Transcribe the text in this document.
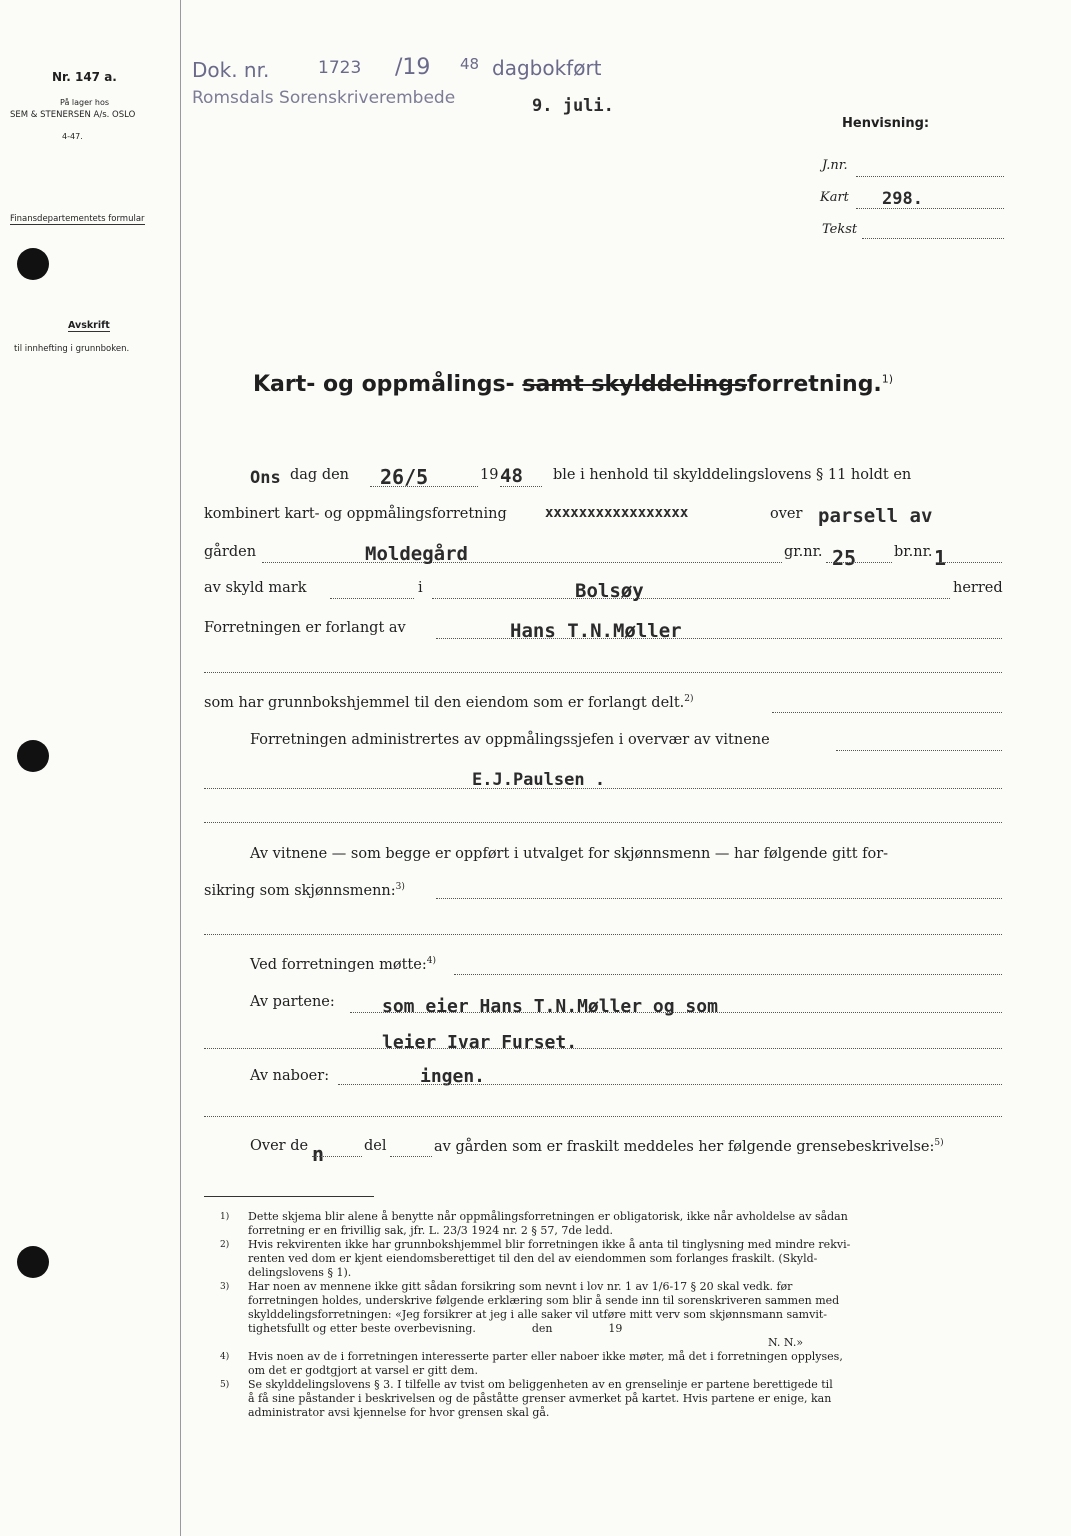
Nr. 147 a.
På lager hos
SEM & STENERSEN A/s. OSLO
4-47.
Finansdepartementets formular
Avskrift
til innhefting i grunnboken.
Dok. nr.	1723 /19 48 dagbokført
Romsdals Sorenskriverembede	9. juli.
Henvisning:
J.nr.
Kart 298.
Tekst
Kart- og oppmålings- samt skylddelingsforretning.$^{1)}$
Ons dag den 26/5	19 48 ble i henhold til skylddelingslovens § 11 holdt en
kombinert kart- og oppmålingsforretning	xxxxxxxxxxxxxxxxx	over parsell av
gården	Moldegård	gr.nr. 25	br.nr. 1
av skyld mark	i	Bolsøy	herred
Forretningen er forlangt av	Hans T.N.Møller
som har grunnbokshjemmel til den eiendom som er forlangt delt.$^{2)}$
Forretningen administrertes av oppmålingssjefen i overvær av vitnene
E.J.Paulsen .
Av vitnene — som begge er oppført i utvalget for skjønnsmenn — har følgende gitt for-
sikring som skjønnsmenn:$^{3)}$
Ved forretningen møtte:$^{4)}$
Av partene:	som eier Hans T.N.Møller og som
leier Ivar Furset.
Av naboer:	ingen.
Over de n	del	av gården som er fraskilt meddeles her følgende grensebeskrivelse:$^{5)}$
1) Dette skjema blir alene å benytte når oppmålingsforretningen er obligatorisk, ikke når avholdelse av sådan
forretning er en frivillig sak, jfr. L. 23/3 1924 nr. 2 § 57, 7de ledd.
2) Hvis rekvirenten ikke har grunnbokshjemmel blir forretningen ikke å anta til tinglysning med mindre rekvi-
renten ved dom er kjent eiendomsberettiget til den del av eiendommen som forlanges fraskilt. (Skyld-
delingslovens § 1).
3) Har noen av mennene ikke gitt sådan forsikring som nevnt i lov nr. 1 av 1/6-17 § 20 skal vedk. før
forretningen holdes, underskrive følgende erklæring som blir å sende inn til sorenskriveren sammen med
skylddelingsforretningen: «Jeg forsikrer at jeg i alle saker vil utføre mitt verv som skjønnsmann samvit-
tighetsfullt og etter beste overbevisning.                den                19
N. N.»
4) Hvis noen av de i forretningen interesserte parter eller naboer ikke møter, må det i forretningen opplyses,
om det er godtgjort at varsel er gitt dem.
5) Se skylddelingslovens § 3. I tilfelle av tvist om beliggenheten av en grenselinje er partene berettigede til
å få sine påstander i beskrivelsen og de påståtte grenser avmerket på kartet. Hvis partene er enige, kan
administrator avsi kjennelse for hvor grensen skal gå.
